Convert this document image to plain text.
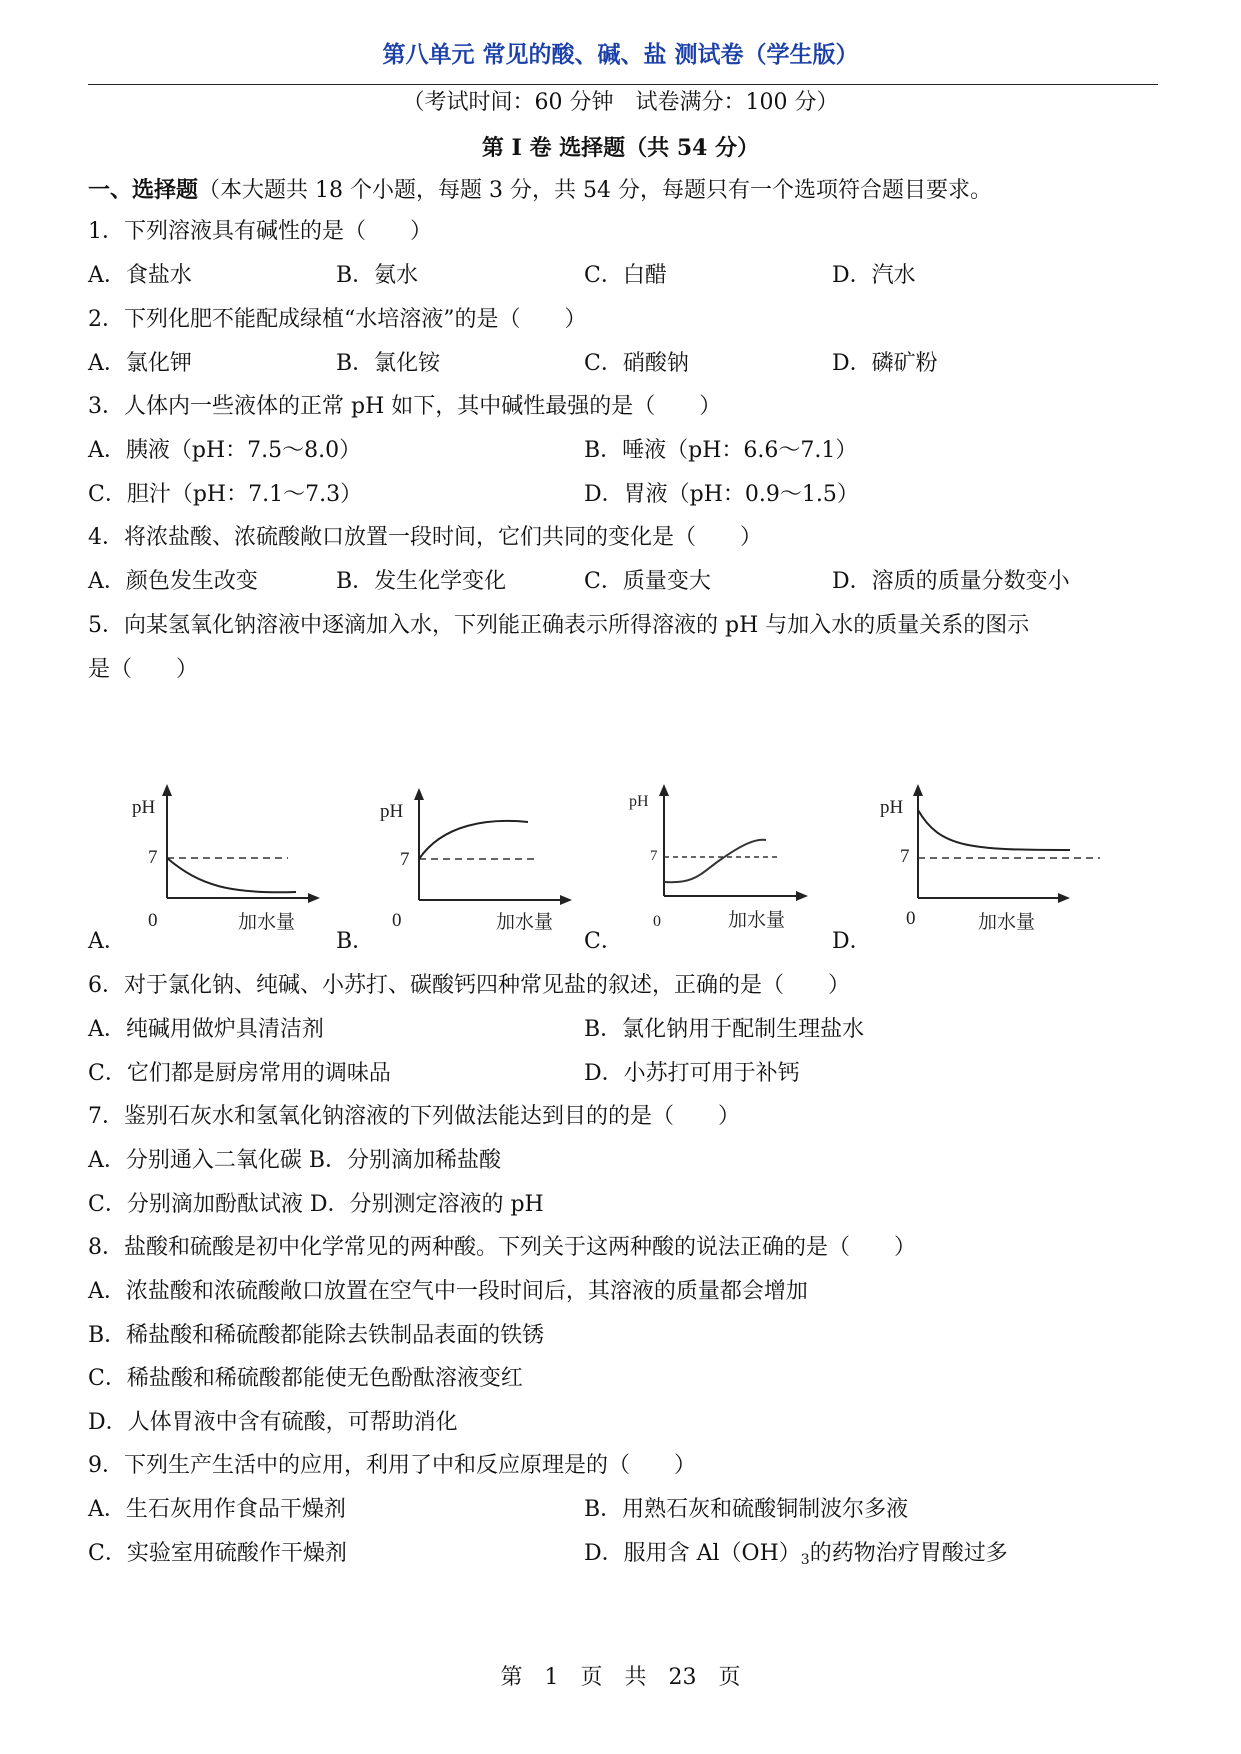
第八单元 常见的酸、碱、盐 测试卷（学生版）
（考试时间：60 分钟　试卷满分：100 分）
第 I 卷 选择题（共 54 分）
一、选择题（本大题共 18 个小题，每题 3 分，共 54 分，每题只有一个选项符合题目要求。
1．下列溶液具有碱性的是（　　）
A．食盐水	B．氨水	C．白醋	D．汽水
2．下列化肥不能配成绿植“水培溶液”的是（　　）
A．氯化钾	B．氯化铵	C．硝酸钠	D．磷矿粉
3．人体内一些液体的正常 pH 如下，其中碱性最强的是（　　）
A．胰液（pH：7.5～8.0）	B．唾液（pH：6.6～7.1）
C．胆汁（pH：7.1～7.3）	D．胃液（pH：0.9～1.5）
4．将浓盐酸、浓硫酸敞口放置一段时间，它们共同的变化是（　　）
A．颜色发生改变	B．发生化学变化	C．质量变大	D．溶质的质量分数变小
5．向某氢氧化钠溶液中逐滴加入水，下列能正确表示所得溶液的 pH 与加入水的质量关系的图示
是（　　）
A．
pH
7
0	加水量
B．
pH
7
0	加水量
C．
pH
7
0	加水量
D．
pH
7
0	加水量
6．对于氯化钠、纯碱、小苏打、碳酸钙四种常见盐的叙述，正确的是（　　）
A．纯碱用做炉具清洁剂	B．氯化钠用于配制生理盐水
C．它们都是厨房常用的调味品	D．小苏打可用于补钙
7．鉴别石灰水和氢氧化钠溶液的下列做法能达到目的的是（　　）
A．分别通入二氧化碳 B．分别滴加稀盐酸
C．分别滴加酚酞试液 D．分别测定溶液的 pH
8．盐酸和硫酸是初中化学常见的两种酸。下列关于这两种酸的说法正确的是（　　）
A．浓盐酸和浓硫酸敞口放置在空气中一段时间后，其溶液的质量都会增加
B．稀盐酸和稀硫酸都能除去铁制品表面的铁锈
C．稀盐酸和稀硫酸都能使无色酚酞溶液变红
D．人体胃液中含有硫酸，可帮助消化
9．下列生产生活中的应用，利用了中和反应原理是的（　　）
A．生石灰用作食品干燥剂	B．用熟石灰和硫酸铜制波尔多液
C．实验室用硫酸作干燥剂	D．服用含 $Al(OH)_3$的药物治疗胃酸过多
第　1　页　共　23　页
